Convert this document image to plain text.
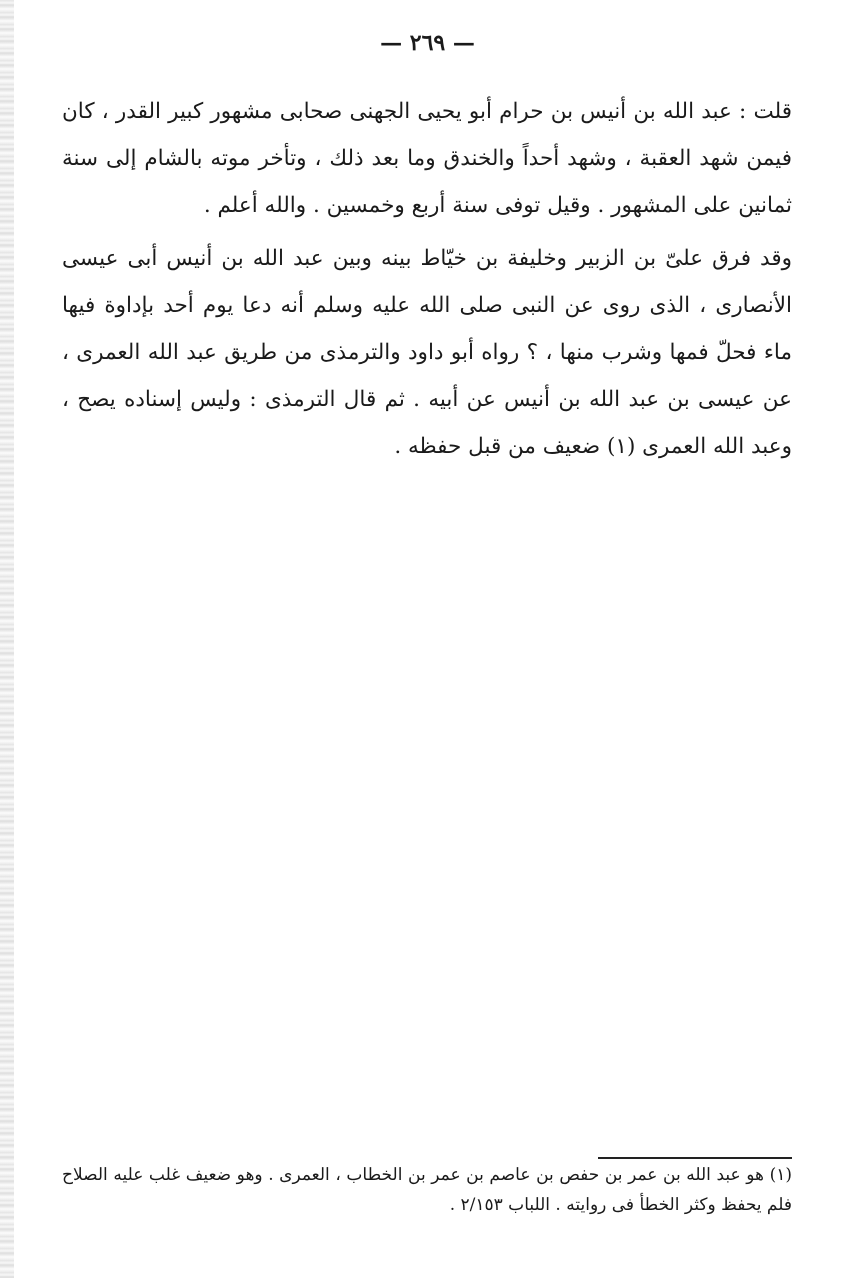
— ٢٦٩ —

قلت : عبد الله بن أنيس بن حرام أبو يحيى الجهنى صحابى مشهور كبير القدر ، كان فيمن شهد العقبة ، وشهد أحداً والخندق وما بعد ذلك ، وتأخر موته بالشام إلى سنة ثمانين على المشهور . وقيل توفى سنة أربع وخمسين . والله أعلم .

وقد فرق علىّ بن الزبير وخليفة بن خيّاط بينه وبين عبد الله بن أنيس أبى عيسى الأنصارى ، الذى روى عن النبى صلى الله عليه وسلم أنه دعا يوم أحد بإداوة فيها ماء فحلّ فمها وشرب منها ، ؟ رواه أبو داود والترمذى من طريق عبد الله العمرى ، عن عيسى بن عبد الله بن أنيس عن أبيه . ثم قال الترمذى : وليس إسناده يصح ، وعبد الله العمرى (١) ضعيف من قبل حفظه .

(١) هو عبد الله بن عمر بن حفص بن عاصم بن عمر بن الخطاب ، العمرى . وهو ضعيف غلب عليه الصلاح فلم يحفظ وكثر الخطأ فى روايته . اللباب ٢/١٥٣ .
